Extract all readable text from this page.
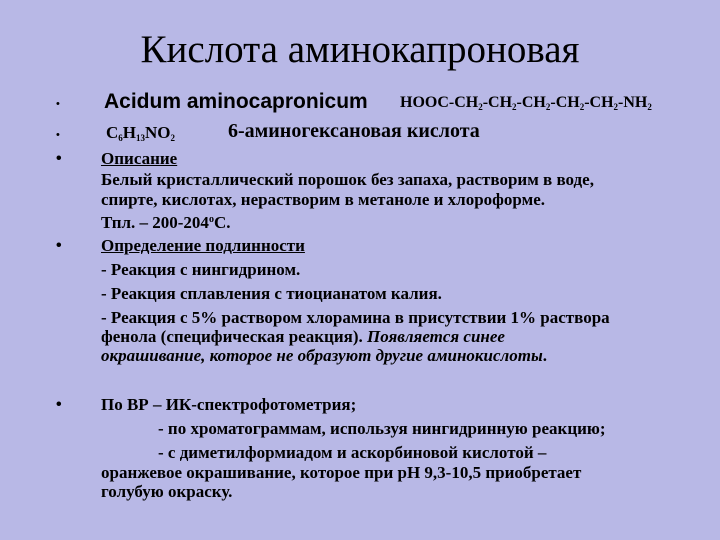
Кислота аминокапроновая
• Acidum aminocapronicum HOOC-$CH_2-CH_2-CH_2-CH_2-CH_2-NH_2$
•	$C_6H_{13}NO_2$	6-аминогексановая кислота
• Описание
Белый кристаллический порошок без запаха, растворим в воде,
спирте, кислотах, нерастворим в метаноле и хлороформе.
Тпл. – 200-204$^o$С.
• Определение подлинности
- Реакция с нингидрином.
- Реакция сплавления с тиоцианатом калия.
- Реакция с 5% раствором хлорамина в присутствии 1% раствора
фенола (специфическая реакция). Появляется синее
окрашивание, которое не образуют другие аминокислоты.
• По ВР – ИК-спектрофотометрия;
- по хроматограммам, используя нингидринную реакцию;
- с диметилформиадом и аскорбиновой кислотой –
оранжевое окрашивание, которое при pH 9,3-10,5 приобретает
голубую окраску.
